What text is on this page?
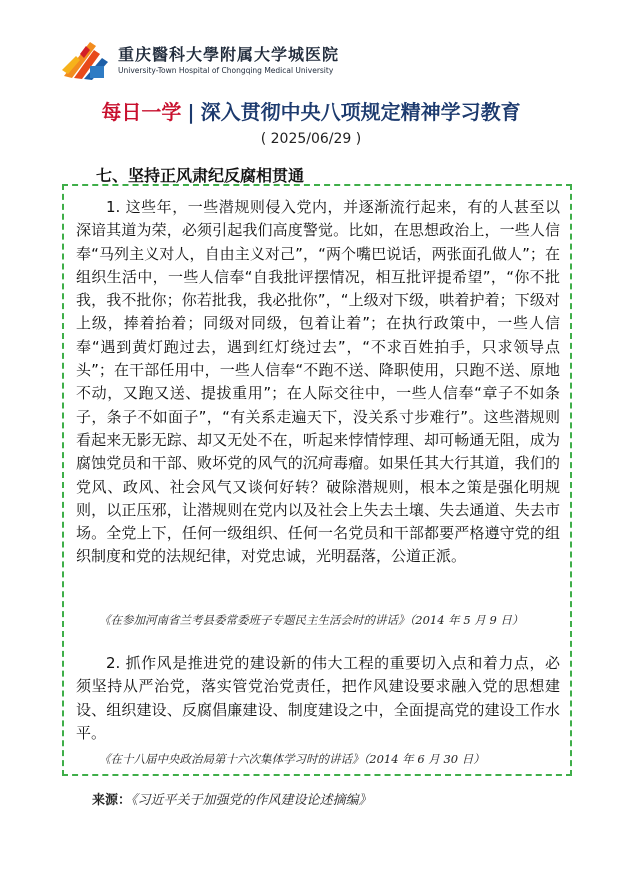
重庆醫科大學附属大学城医院
University-Town Hospital of Chongqing Medical University
每日一学 | 深入贯彻中央八项规定精神学习教育
( 2025/06/29 )
七、坚持正风肃纪反腐相贯通
1. 这些年，一些潜规则侵入党内，并逐渐流行起来，有的人甚至以深谙其道为荣，必须引起我们高度警觉。比如，在思想政治上，一些人信奉“马列主义对人，自由主义对己”，“两个嘴巴说话，两张面孔做人”；在组织生活中，一些人信奉“自我批评摆情况，相互批评提希望”，“你不批我，我不批你；你若批我，我必批你”，“上级对下级，哄着护着；下级对上级，捧着抬着；同级对同级，包着让着”；在执行政策中，一些人信奉“遇到黄灯跑过去，遇到红灯绕过去”，“不求百姓拍手，只求领导点头”；在干部任用中，一些人信奉“不跑不送、降职使用，只跑不送、原地不动，又跑又送、提拔重用”；在人际交往中，一些人信奉“章子不如条子，条子不如面子”，“有关系走遍天下，没关系寸步难行”。这些潜规则看起来无影无踪、却又无处不在，听起来悖情悖理、却可畅通无阻，成为腐蚀党员和干部、败坏党的风气的沉疴毒瘤。如果任其大行其道，我们的党风、政风、社会风气又谈何好转？破除潜规则，根本之策是强化明规则，以正压邪，让潜规则在党内以及社会上失去土壤、失去通道、失去市场。全党上下，任何一级组织、任何一名党员和干部都要严格遵守党的组织制度和党的法规纪律，对党忠诚，光明磊落，公道正派。
《在参加河南省兰考县委常委班子专题民主生活会时的讲话》（2014 年 5 月 9 日）
2. 抓作风是推进党的建设新的伟大工程的重要切入点和着力点，必须坚持从严治党，落实管党治党责任，把作风建设要求融入党的思想建设、组织建设、反腐倡廉建设、制度建设之中，全面提高党的建设工作水平。
《在十八届中央政治局第十六次集体学习时的讲话》（2014 年 6 月 30 日）
来源：《习近平关于加强党的作风建设论述摘编》
